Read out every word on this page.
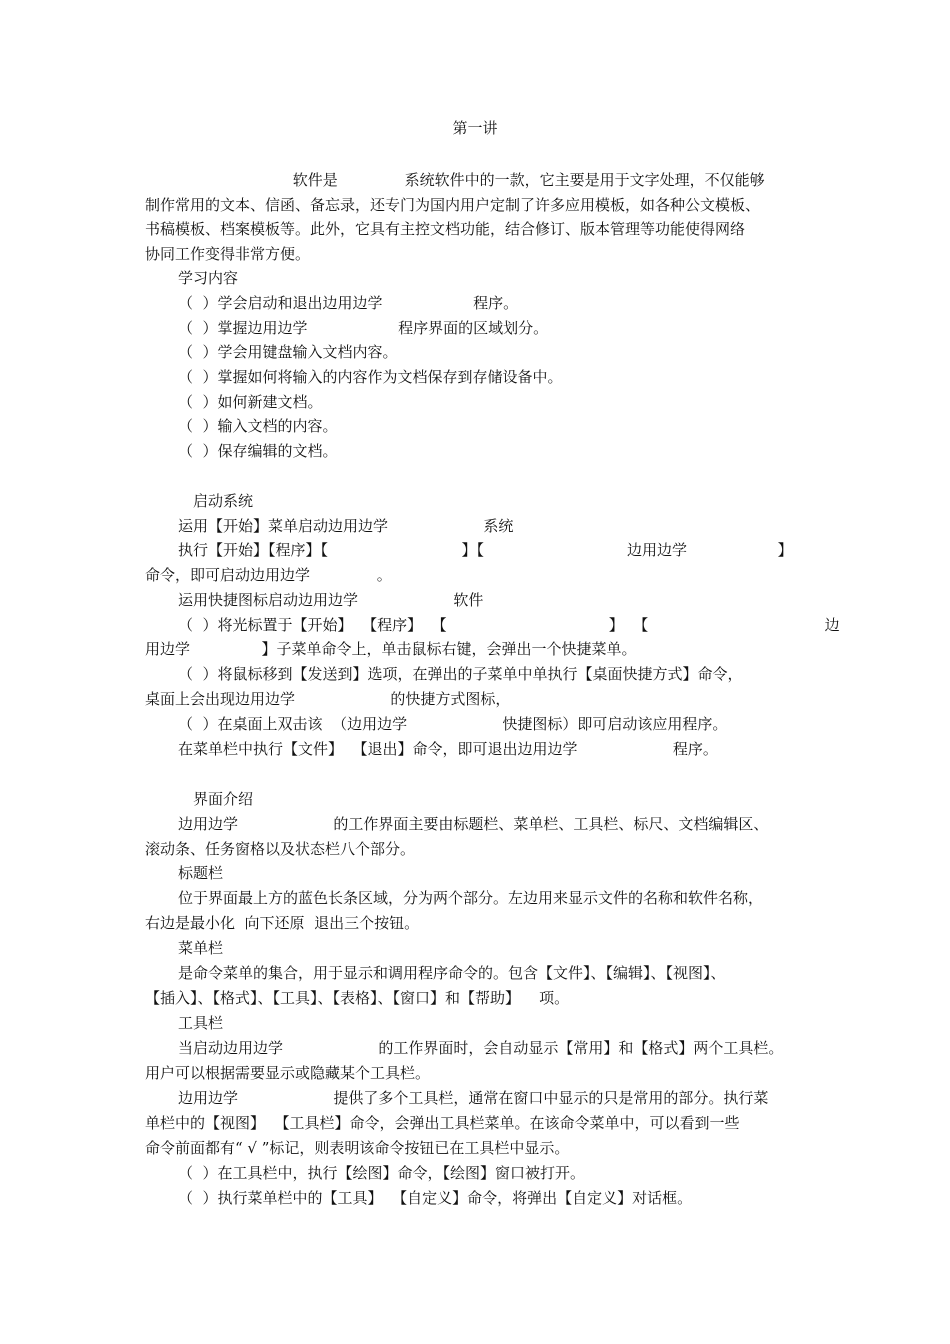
第一讲
软件是              系统软件中的一款，它主要是用于文字处理，不仅能够
制作常用的文本、信函、备忘录，还专门为国内用户定制了许多应用模板，如各种公文模板、
书稿模板、档案模板等。此外，它具有主控文档功能，结合修订、版本管理等功能使得网络
协同工作变得非常方便。
学习内容
（  ）学会启动和退出边用边学                   程序。
（  ）掌握边用边学                   程序界面的区域划分。
（  ）学会用键盘输入文档内容。
（  ）掌握如何将输入的内容作为文档保存到存储设备中。
（  ）如何新建文档。
（  ）输入文档的内容。
（  ）保存编辑的文档。
启动系统
运用【开始】菜单启动边用边学                    系统
执行【开始】【程序】【                            】【                              边用边学                   】
命令，即可启动边用边学              。
运用快捷图标启动边用边学                    软件
（  ）将光标置于【开始】  【程序】  【                                  】  【                                     边
用边学               】子菜单命令上，单击鼠标右键，会弹出一个快捷菜单。
（  ）将鼠标移到【发送到】选项，在弹出的子菜单中单执行【桌面快捷方式】命令，
桌面上会出现边用边学                    的快捷方式图标，
（  ）在桌面上双击该  （边用边学                    快捷图标）即可启动该应用程序。
在菜单栏中执行【文件】  【退出】命令，即可退出边用边学                    程序。
界面介绍
边用边学                    的工作界面主要由标题栏、菜单栏、工具栏、标尺、文档编辑区、
滚动条、任务窗格以及状态栏八个部分。
标题栏
位于界面最上方的蓝色长条区域，分为两个部分。左边用来显示文件的名称和软件名称，
右边是最小化  向下还原  退出三个按钮。
菜单栏
是命令菜单的集合，用于显示和调用程序命令的。包含【文件】、【编辑】、【视图】、
【插入】、【格式】、【工具】、【表格】、【窗口】和【帮助】    项。
工具栏
当启动边用边学                    的工作界面时，会自动显示【常用】和【格式】两个工具栏。
用户可以根据需要显示或隐藏某个工具栏。
边用边学                    提供了多个工具栏，通常在窗口中显示的只是常用的部分。执行菜
单栏中的【视图】  【工具栏】命令，会弹出工具栏菜单。在该命令菜单中，可以看到一些
命令前面都有“ √ ”标记，则表明该命令按钮已在工具栏中显示。
（  ）在工具栏中，执行【绘图】命令，【绘图】窗口被打开。
（  ）执行菜单栏中的【工具】  【自定义】命令，将弹出【自定义】对话框。
